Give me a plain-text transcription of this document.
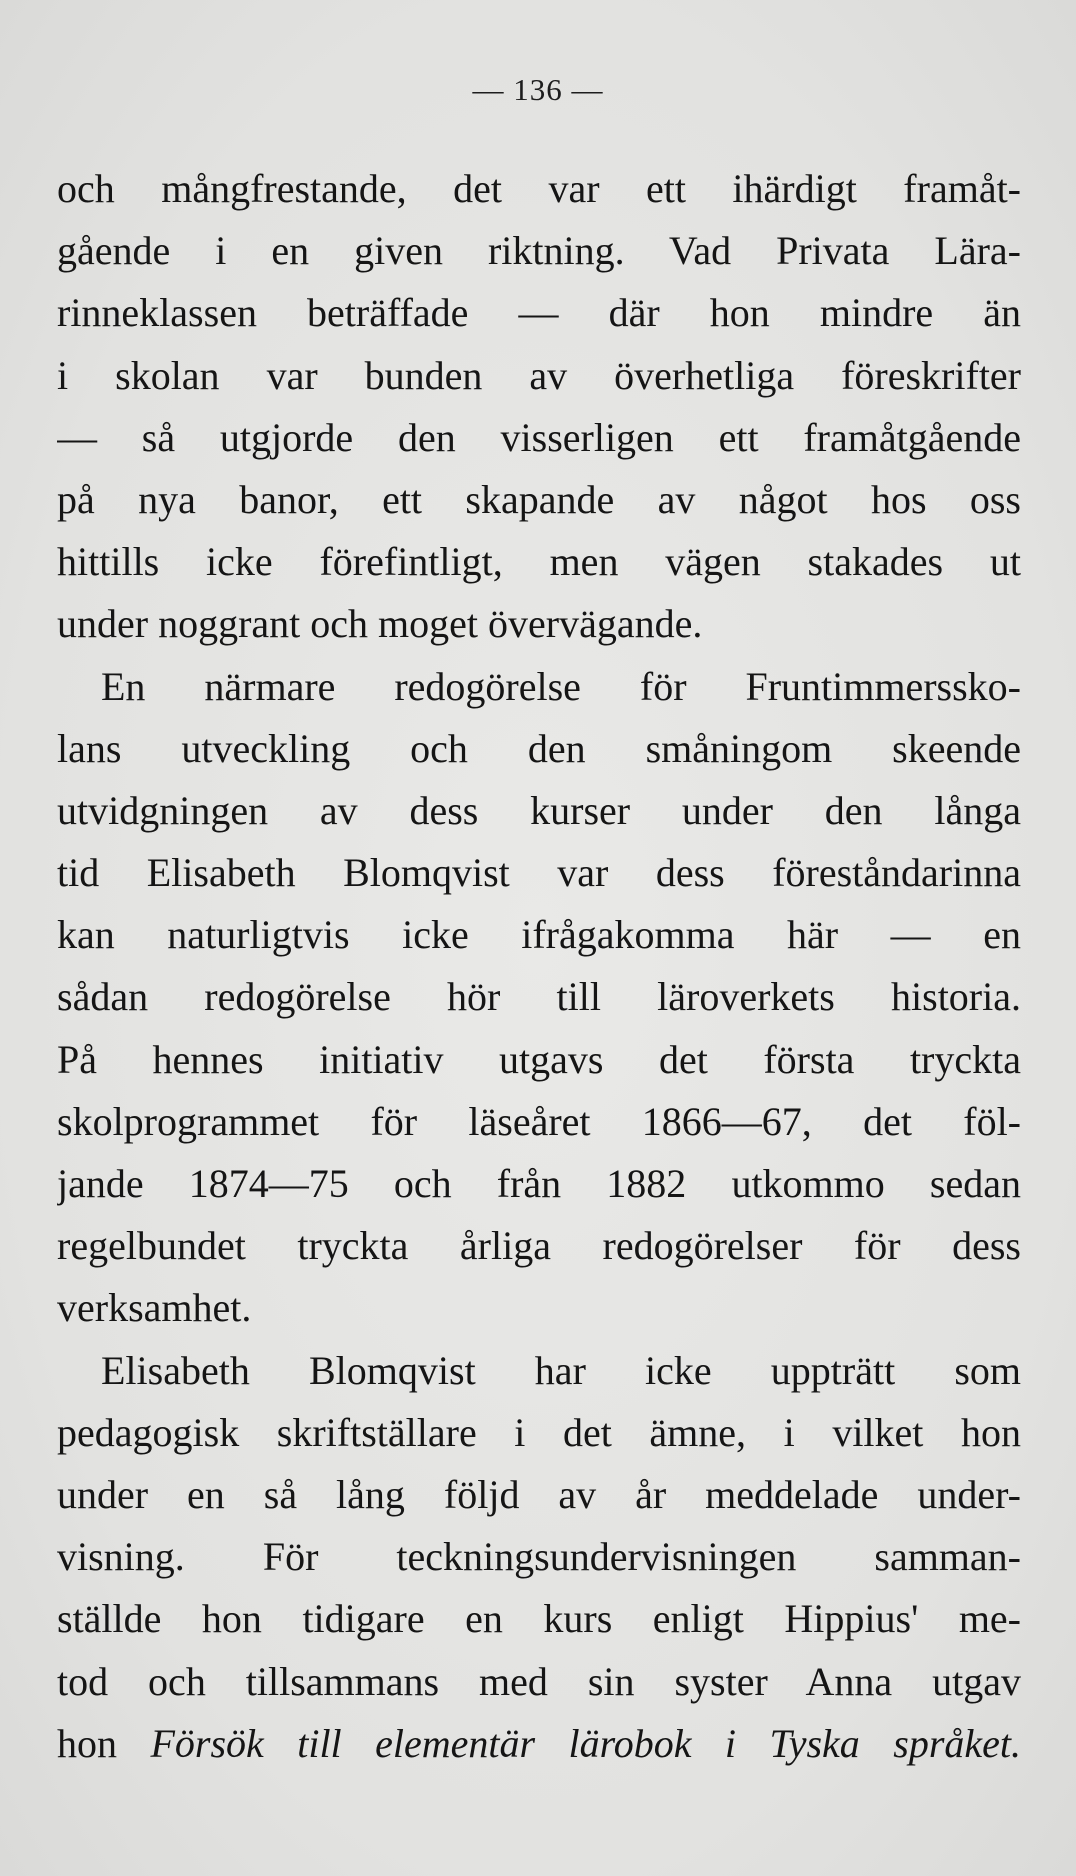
— 136 —
och mångfrestande, det var ett ihärdigt framåt-
gående i en given riktning. Vad Privata Lära-
rinneklassen beträffade — där hon mindre än
i skolan var bunden av överhetliga föreskrifter
— så utgjorde den visserligen ett framåtgående
på nya banor, ett skapande av något hos oss
hittills icke förefintligt, men vägen stakades ut
under noggrant och moget övervägande.
En närmare redogörelse för Fruntimmerssko-
lans utveckling och den småningom skeende
utvidgningen av dess kurser under den långa
tid Elisabeth Blomqvist var dess föreståndarinna
kan naturligtvis icke ifrågakomma här — en
sådan redogörelse hör till läroverkets historia.
På hennes initiativ utgavs det första tryckta
skolprogrammet för läseåret 1866—67, det föl-
jande 1874—75 och från 1882 utkommo sedan
regelbundet tryckta årliga redogörelser för dess
verksamhet.
Elisabeth Blomqvist har icke uppträtt som
pedagogisk skriftställare i det ämne, i vilket hon
under en så lång följd av år meddelade under-
visning. För teckningsundervisningen samman-
ställde hon tidigare en kurs enligt Hippius' me-
tod och tillsammans med sin syster Anna utgav
hon Försök till elementär lärobok i Tyska språket.
